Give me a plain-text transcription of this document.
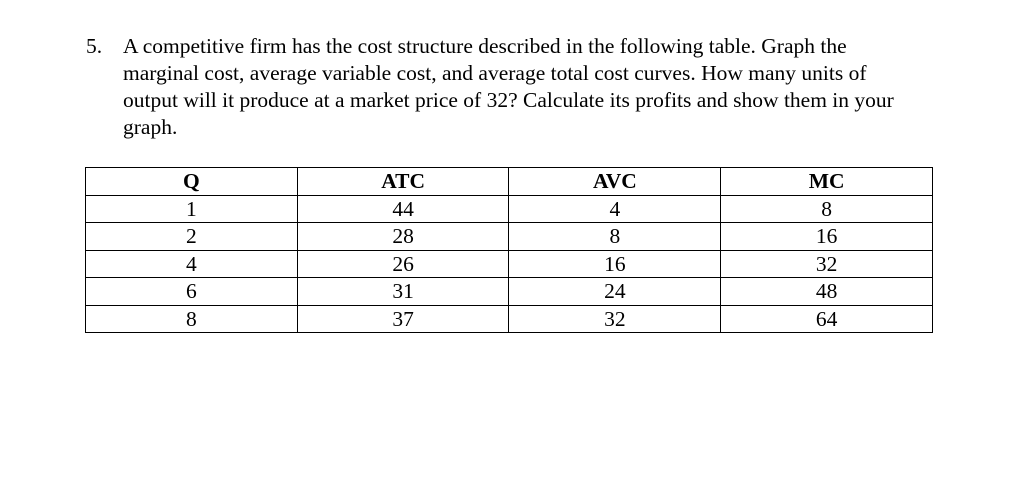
5. A competitive firm has the cost structure described in the following table. Graph the
marginal cost, average variable cost, and average total cost curves. How many units of
output will it produce at a market price of 32? Calculate its profits and show them in your
graph.
Q	ATC	AVC	MC
1	44	4	8
2	28	8	16
4	26	16	32
6	31	24	48
8	37	32	64
